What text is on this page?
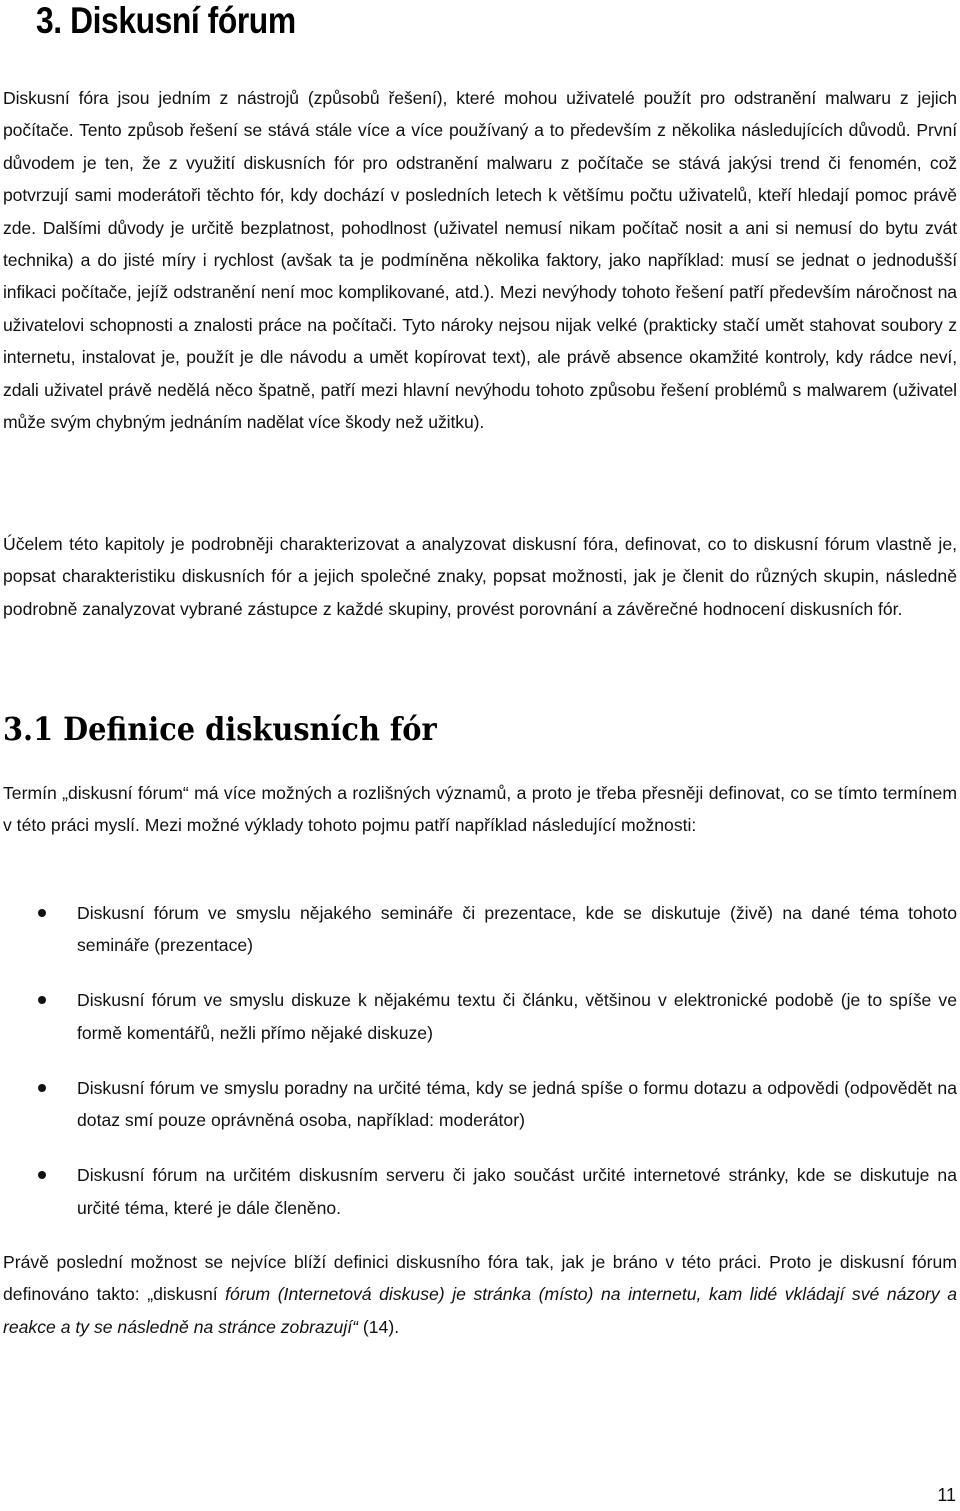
3. Diskusní fórum

Diskusní fóra jsou jedním z nástrojů (způsobů řešení), které mohou uživatelé použít pro odstranění malwaru z jejich počítače. Tento způsob řešení se stává stále více a více používaný a to především z několika následujících důvodů. První důvodem je ten, že z využití diskusních fór pro odstranění malwaru z počítače se stává jakýsi trend či fenomén, což potvrzují sami moderátoři těchto fór, kdy dochází v posledních letech k většímu počtu uživatelů, kteří hledají pomoc právě zde. Dalšími důvody je určitě bezplatnost, pohodlnost (uživatel nemusí nikam počítač nosit a ani si nemusí do bytu zvát technika) a do jisté míry i rychlost (avšak ta je podmíněna několika faktory, jako například: musí se jednat o jednodušší infikaci počítače, jejíž odstranění není moc komplikované, atd.). Mezi nevýhody tohoto řešení patří především náročnost na uživatelovi schopnosti a znalosti práce na počítači. Tyto nároky nejsou nijak velké (prakticky stačí umět stahovat soubory z internetu, instalovat je, použít je dle návodu a umět kopírovat text), ale právě absence okamžité kontroly, kdy rádce neví, zdali uživatel právě nedělá něco špatně, patří mezi hlavní nevýhodu tohoto způsobu řešení problémů s malwarem (uživatel může svým chybným jednáním nadělat více škody než užitku).

Účelem této kapitoly je podrobněji charakterizovat a analyzovat diskusní fóra, definovat, co to diskusní fórum vlastně je, popsat charakteristiku diskusních fór a jejich společné znaky, popsat možnosti, jak je členit do různých skupin, následně podrobně zanalyzovat vybrané zástupce z každé skupiny, provést porovnání a závěrečné hodnocení diskusních fór.

3.1 Definice diskusních fór

Termín „diskusní fórum“ má více možných a rozlišných významů, a proto je třeba přesněji definovat, co se tímto termínem v této práci myslí. Mezi možné výklady tohoto pojmu patří například následující možnosti:

Diskusní fórum ve smyslu nějakého semináře či prezentace, kde se diskutuje (živě) na dané téma tohoto semináře (prezentace)
Diskusní fórum ve smyslu diskuze k nějakému textu či článku, většinou v elektronické podobě (je to spíše ve formě komentářů, nežli přímo nějaké diskuze)
Diskusní fórum ve smyslu poradny na určité téma, kdy se jedná spíše o formu dotazu a odpovědi (odpovědět na dotaz smí pouze oprávněná osoba, například: moderátor)
Diskusní fórum na určitém diskusním serveru či jako součást určité internetové stránky, kde se diskutuje na určité téma, které je dále členěno.

Právě poslední možnost se nejvíce blíží definici diskusního fóra tak, jak je bráno v této práci. Proto je diskusní fórum definováno takto: „diskusní fórum (Internetová diskuse) je stránka (místo) na internetu, kam lidé vkládají své názory a reakce a ty se následně na stránce zobrazují“ (14).

11
